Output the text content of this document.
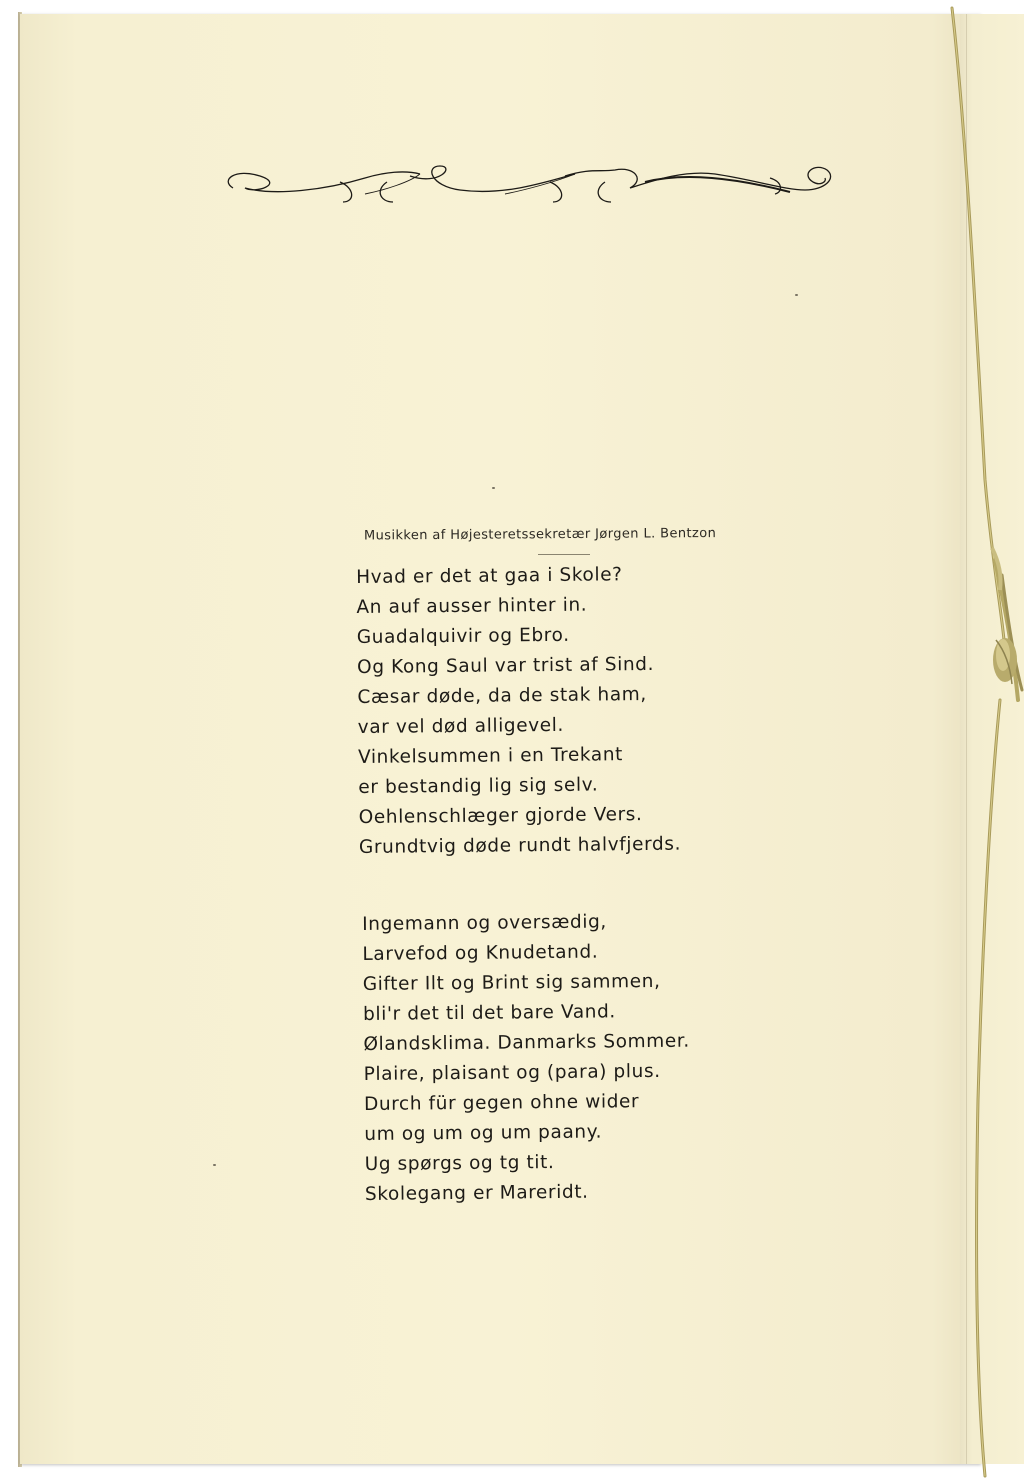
Musikken af Højesteretssekretær Jørgen L. Bentzon
Hvad er det at gaa i Skole?
An auf ausser hinter in.
Guadalquivir og Ebro.
Og Kong Saul var trist af Sind.
Cæsar døde, da de stak ham,
var vel død alligevel.
Vinkelsummen i en Trekant
er bestandig lig sig selv.
Oehlenschlæger gjorde Vers.
Grundtvig døde rundt halvfjerds.
Ingemann og oversædig,
Larvefod og Knudetand.
Gifter Ilt og Brint sig sammen,
bli'r det til det bare Vand.
Ølandsklima. Danmarks Sommer.
Plaire, plaisant og (para) plus.
Durch für gegen ohne wider
um og um og um paany.
Ug spørgs og tg tit.
Skolegang er Mareridt.
